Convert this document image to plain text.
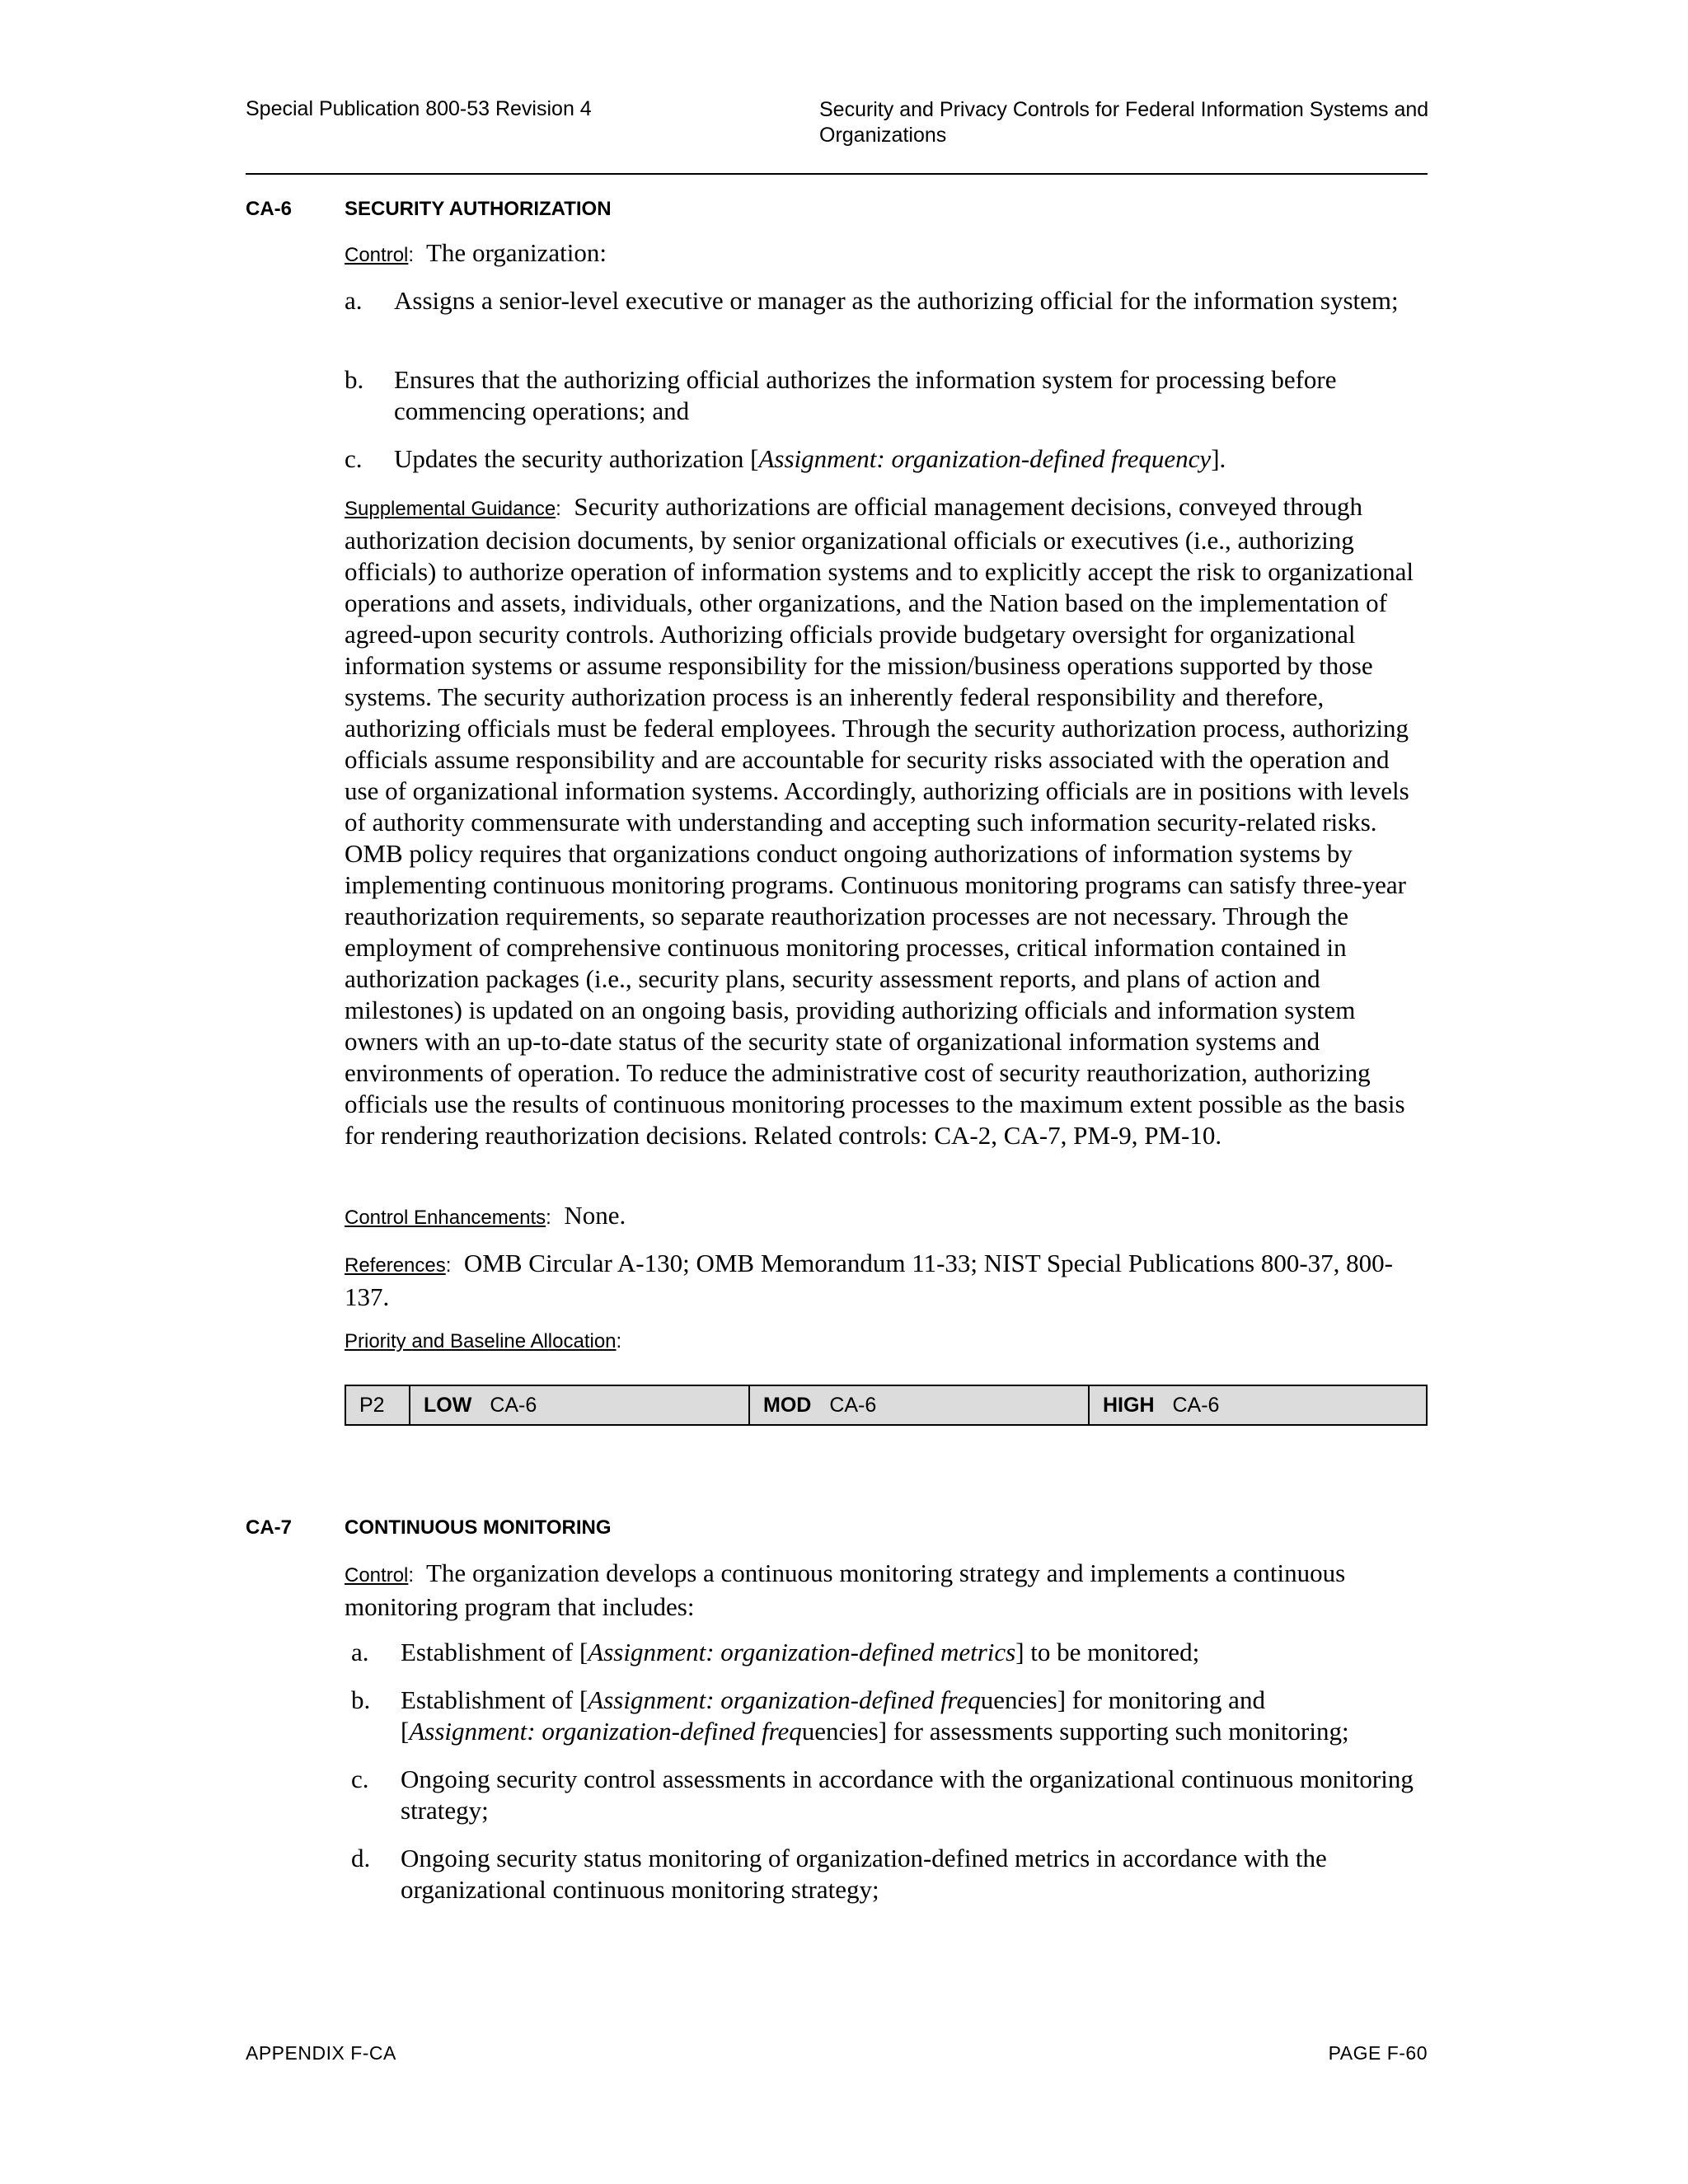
Special Publication 800-53 Revision 4	Security and Privacy Controls for Federal Information Systems and Organizations
CA-6	SECURITY AUTHORIZATION
Control: The organization:
a. Assigns a senior-level executive or manager as the authorizing official for the information system;
b. Ensures that the authorizing official authorizes the information system for processing before commencing operations; and
c. Updates the security authorization [Assignment: organization-defined frequency].
Supplemental Guidance: Security authorizations are official management decisions, conveyed through authorization decision documents, by senior organizational officials or executives (i.e., authorizing officials) to authorize operation of information systems and to explicitly accept the risk to organizational operations and assets, individuals, other organizations, and the Nation based on the implementation of agreed-upon security controls. Authorizing officials provide budgetary oversight for organizational information systems or assume responsibility for the mission/business operations supported by those systems. The security authorization process is an inherently federal responsibility and therefore, authorizing officials must be federal employees. Through the security authorization process, authorizing officials assume responsibility and are accountable for security risks associated with the operation and use of organizational information systems. Accordingly, authorizing officials are in positions with levels of authority commensurate with understanding and accepting such information security-related risks. OMB policy requires that organizations conduct ongoing authorizations of information systems by implementing continuous monitoring programs. Continuous monitoring programs can satisfy three-year reauthorization requirements, so separate reauthorization processes are not necessary. Through the employment of comprehensive continuous monitoring processes, critical information contained in authorization packages (i.e., security plans, security assessment reports, and plans of action and milestones) is updated on an ongoing basis, providing authorizing officials and information system owners with an up-to-date status of the security state of organizational information systems and environments of operation. To reduce the administrative cost of security reauthorization, authorizing officials use the results of continuous monitoring processes to the maximum extent possible as the basis for rendering reauthorization decisions. Related controls: CA-2, CA-7, PM-9, PM-10.
Control Enhancements: None.
References: OMB Circular A-130; OMB Memorandum 11-33; NIST Special Publications 800-37, 800-137.
Priority and Baseline Allocation:
P2 LOW CA-6	MOD CA-6	HIGH CA-6
CA-7	CONTINUOUS MONITORING
Control: The organization develops a continuous monitoring strategy and implements a continuous monitoring program that includes:
a. Establishment of [Assignment: organization-defined metrics] to be monitored;
b. Establishment of [Assignment: organization-defined frequencies] for monitoring and
[Assignment: organization-defined frequencies] for assessments supporting such monitoring;
c. Ongoing security control assessments in accordance with the organizational continuous monitoring strategy;
d. Ongoing security status monitoring of organization-defined metrics in accordance with the organizational continuous monitoring strategy;
APPENDIX F-CA	PAGE F-60
